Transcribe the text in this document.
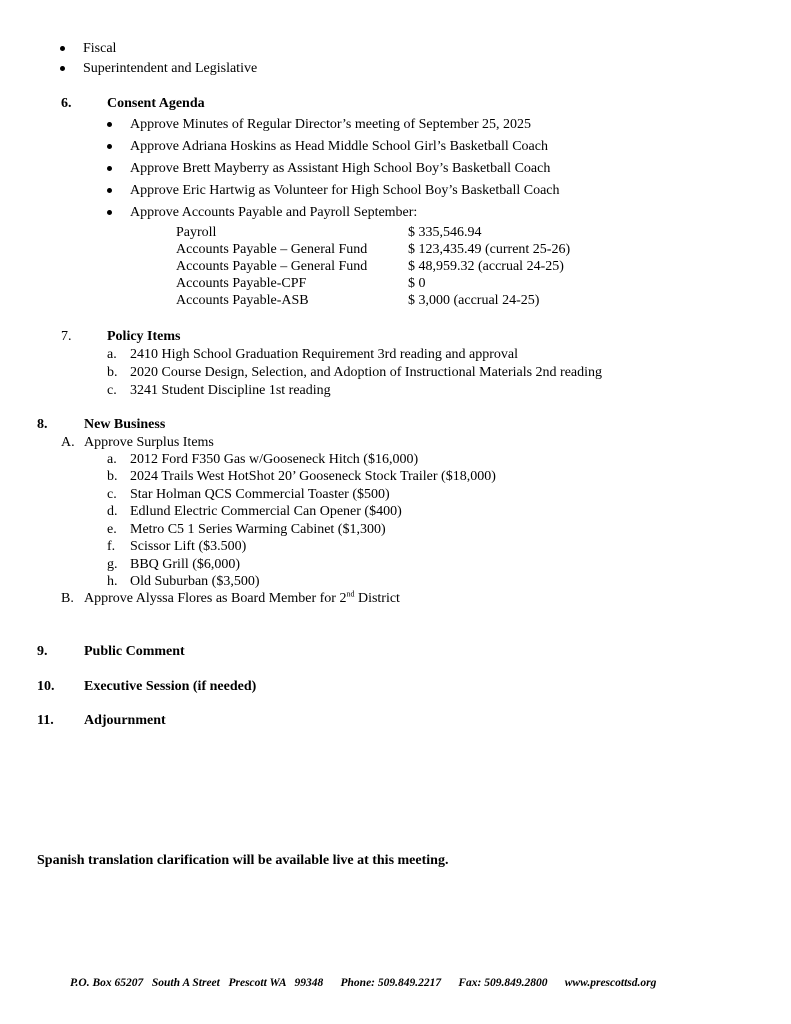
Fiscal
Superintendent and Legislative
6.	Consent Agenda
Approve Minutes of Regular Director’s meeting of September 25, 2025
Approve Adriana Hoskins as Head Middle School Girl’s Basketball Coach
Approve Brett Mayberry as Assistant High School Boy’s Basketball Coach
Approve Eric Hartwig as Volunteer for High School Boy’s Basketball Coach
Approve Accounts Payable and Payroll September:
Payroll	$ 335,546.94
Accounts Payable – General Fund	$ 123,435.49 (current 25-26)
Accounts Payable – General Fund	$ 48,959.32 (accrual 24-25)
Accounts Payable-CPF	$ 0
Accounts Payable-ASB	$ 3,000 (accrual 24-25)
7.	Policy Items
a. 2410 High School Graduation Requirement 3rd reading and approval
b. 2020 Course Design, Selection, and Adoption of Instructional Materials 2nd reading
c. 3241 Student Discipline 1st reading
8.	New Business
A. Approve Surplus Items
a. 2012 Ford F350 Gas w/Gooseneck Hitch ($16,000)
b. 2024 Trails West HotShot 20’ Gooseneck Stock Trailer ($18,000)
c. Star Holman QCS Commercial Toaster ($500)
d. Edlund Electric Commercial Can Opener ($400)
e. Metro C5 1 Series Warming Cabinet ($1,300)
f. Scissor Lift ($3.500)
g. BBQ Grill ($6,000)
h. Old Suburban ($3,500)
B. Approve Alyssa Flores as Board Member for 2nd District
9.	Public Comment
10. Executive Session (if needed)
11. Adjournment
Spanish translation clarification will be available live at this meeting.
P.O. Box 65207   South A Street   Prescott WA   99348      Phone: 509.849.2217      Fax: 509.849.2800      www.prescottsd.org
